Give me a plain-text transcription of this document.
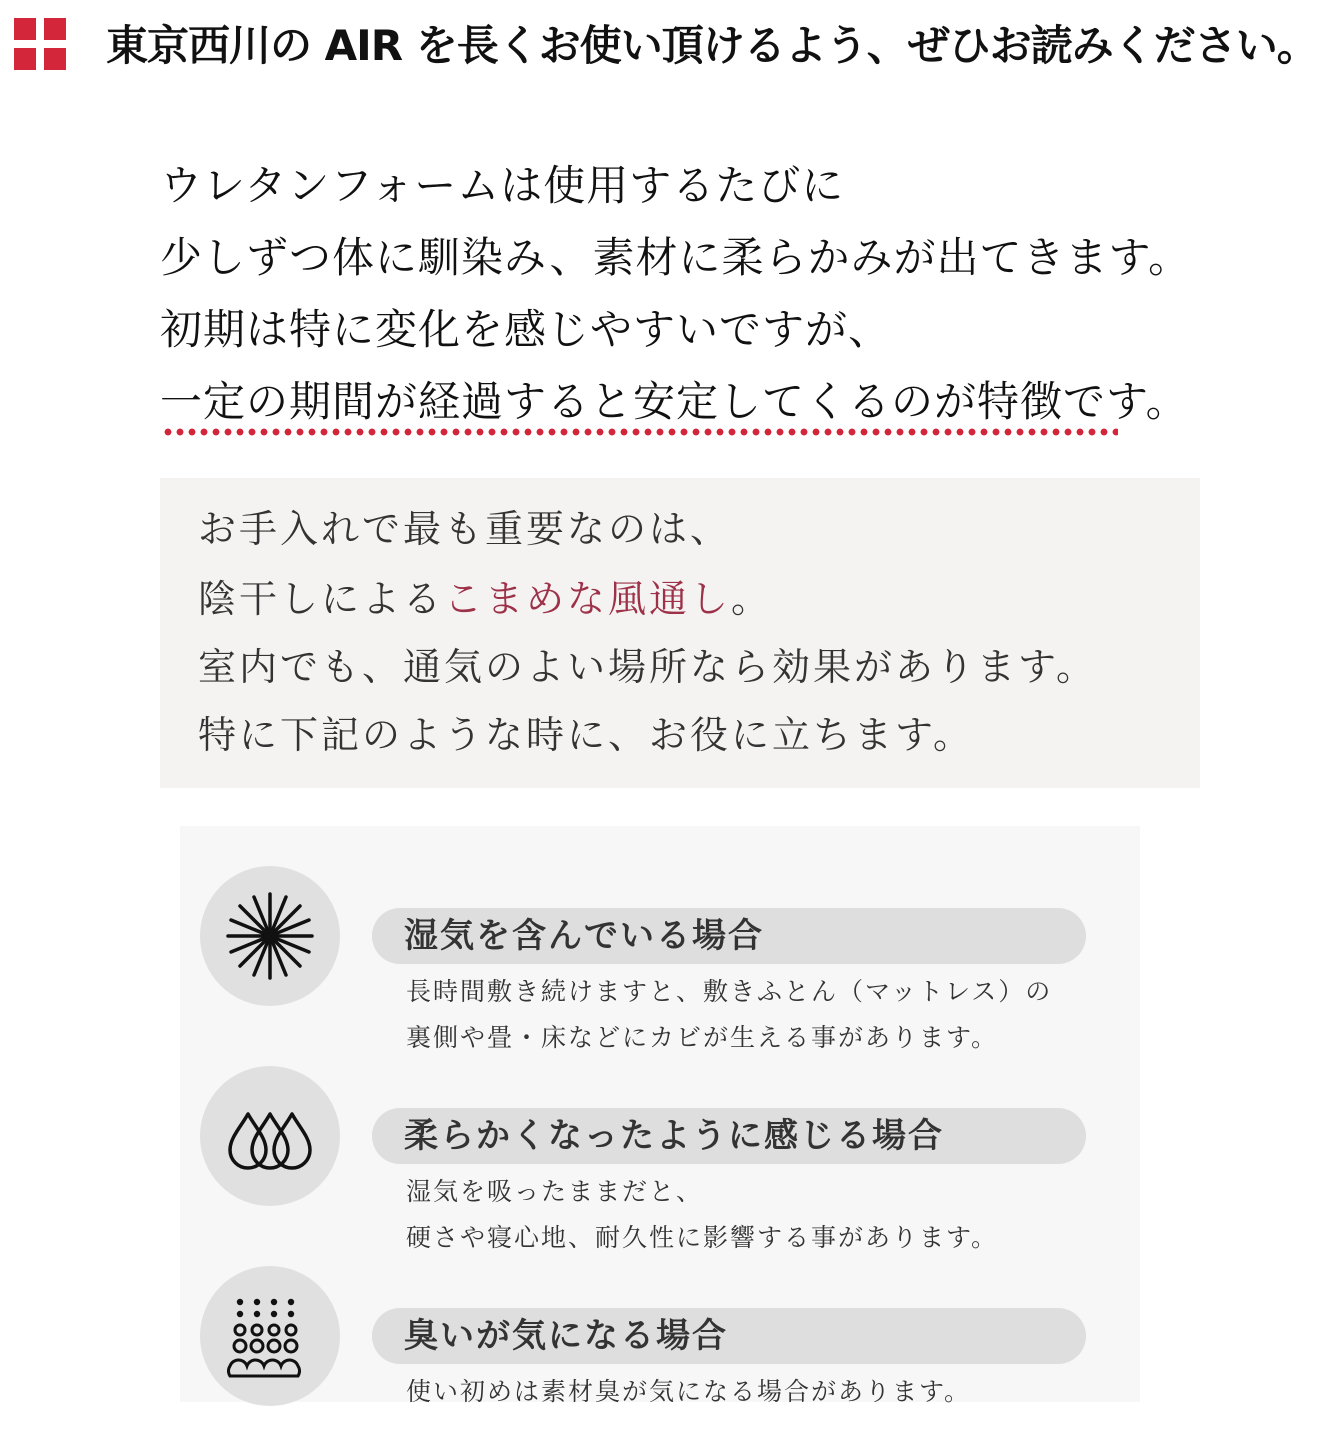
東京西川の AIR を長くお使い頂けるよう、ぜひお読みください。
ウレタンフォームは使用するたびに
少しずつ体に馴染み、素材に柔らかみが出てきます。
初期は特に変化を感じやすいですが、
一定の期間が経過すると安定してくるのが特徴です。
お手入れで最も重要なのは、
陰干しによるこまめな風通し。
室内でも、通気のよい場所なら効果があります。
特に下記のような時に、お役に立ちます。
湿気を含んでいる場合
長時間敷き続けますと、敷きふとん（マットレス）の
裏側や畳・床などにカビが生える事があります。
柔らかくなったように感じる場合
湿気を吸ったままだと、
硬さや寝心地、耐久性に影響する事があります。
臭いが気になる場合
使い初めは素材臭が気になる場合があります。
